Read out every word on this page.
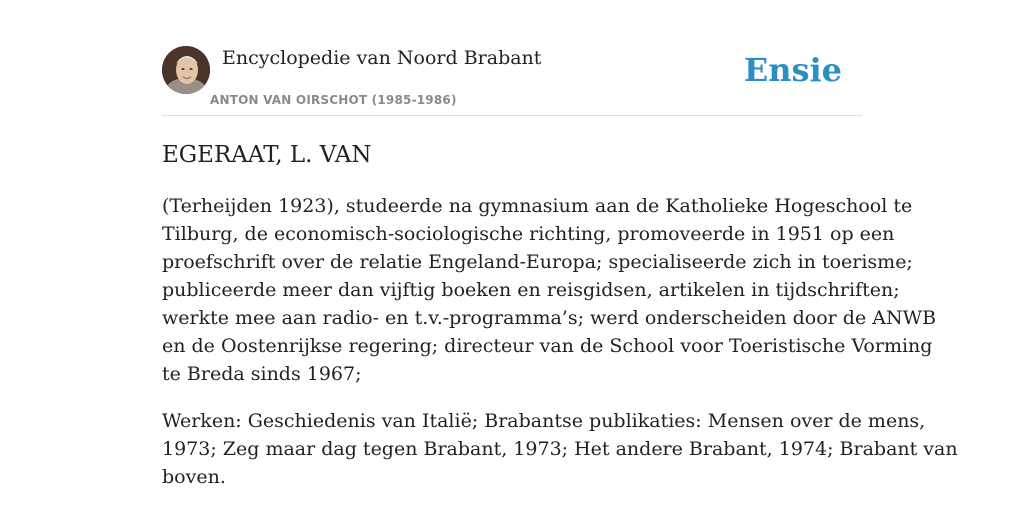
Encyclopedie van Noord Brabant
ANTON VAN OIRSCHOT (1985-1986)
Ensie
EGERAAT, L. VAN
(Terheijden 1923), studeerde na gymnasium aan de Katholieke Hogeschool te
Tilburg, de economisch-sociologische richting, promoveerde in 1951 op een
proefschrift over de relatie Engeland-Europa; specialiseerde zich in toerisme;
publiceerde meer dan vijftig boeken en reisgidsen, artikelen in tijdschriften;
werkte mee aan radio- en t.v.-programma’s; werd onderscheiden door de ANWB
en de Oostenrijkse regering; directeur van de School voor Toeristische Vorming
te Breda sinds 1967;
Werken: Geschiedenis van Italië; Brabantse publikaties: Mensen over de mens,
1973; Zeg maar dag tegen Brabant, 1973; Het andere Brabant, 1974; Brabant van
boven.
